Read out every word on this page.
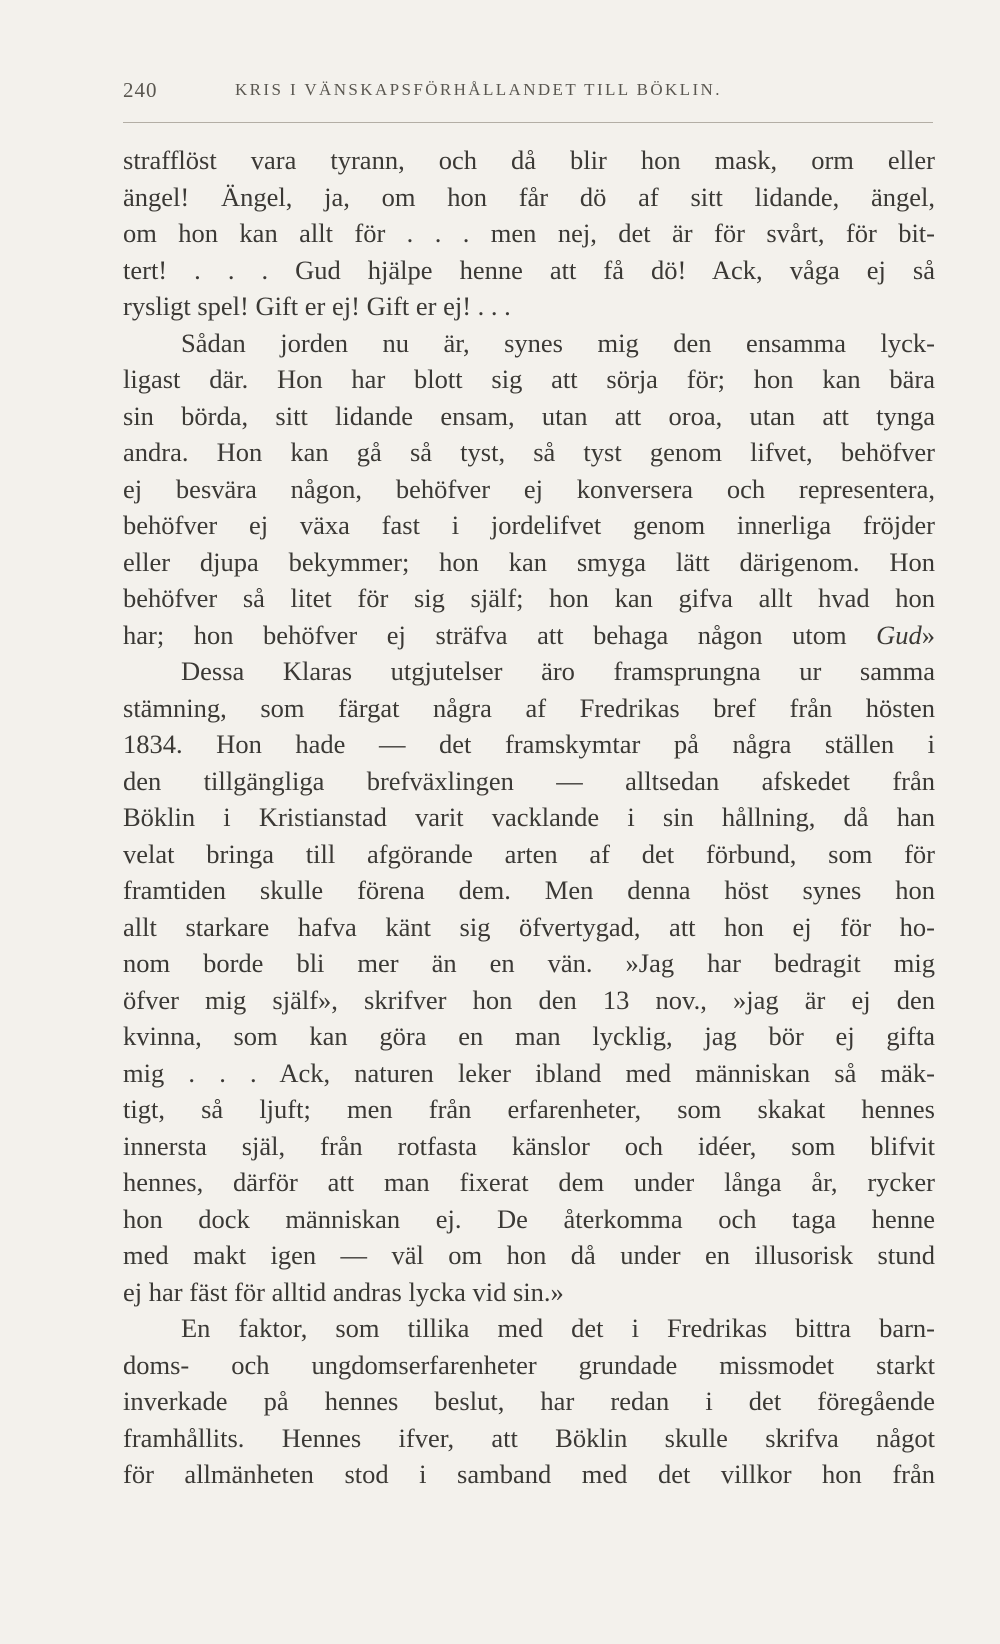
240	KRIS I VÄNSKAPSFÖRHÅLLANDET TILL BÖKLIN.
strafflöst vara tyrann, och då blir hon mask, orm eller
ängel! Ängel, ja, om hon får dö af sitt lidande, ängel,
om hon kan allt för . . . men nej, det är för svårt, för bit-
tert! . . . Gud hjälpe henne att få dö! Ack, våga ej så
rysligt spel! Gift er ej! Gift er ej! . . .
Sådan jorden nu är, synes mig den ensamma lyck-
ligast där. Hon har blott sig att sörja för; hon kan bära
sin börda, sitt lidande ensam, utan att oroa, utan att tynga
andra. Hon kan gå så tyst, så tyst genom lifvet, behöfver
ej besvära någon, behöfver ej konversera och representera,
behöfver ej växa fast i jordelifvet genom innerliga fröjder
eller djupa bekymmer; hon kan smyga lätt därigenom. Hon
behöfver så litet för sig själf; hon kan gifva allt hvad hon
har; hon behöfver ej sträfva att behaga någon utom Gud»
Dessa Klaras utgjutelser äro framsprungna ur samma
stämning, som färgat några af Fredrikas bref från hösten
1834. Hon hade — det framskymtar på några ställen i
den tillgängliga brefväxlingen — alltsedan afskedet från
Böklin i Kristianstad varit vacklande i sin hållning, då han
velat bringa till afgörande arten af det förbund, som för
framtiden skulle förena dem. Men denna höst synes hon
allt starkare hafva känt sig öfvertygad, att hon ej för ho-
nom borde bli mer än en vän. »Jag har bedragit mig
öfver mig själf», skrifver hon den 13 nov., »jag är ej den
kvinna, som kan göra en man lycklig, jag bör ej gifta
mig . . . Ack, naturen leker ibland med människan så mäk-
tigt, så ljuft; men från erfarenheter, som skakat hennes
innersta själ, från rotfasta känslor och idéer, som blifvit
hennes, därför att man fixerat dem under långa år, rycker
hon dock människan ej. De återkomma och taga henne
med makt igen — väl om hon då under en illusorisk stund
ej har fäst för alltid andras lycka vid sin.»
En faktor, som tillika med det i Fredrikas bittra barn-
doms- och ungdomserfarenheter grundade missmodet starkt
inverkade på hennes beslut, har redan i det föregående
framhållits. Hennes ifver, att Böklin skulle skrifva något
för allmänheten stod i samband med det villkor hon från
